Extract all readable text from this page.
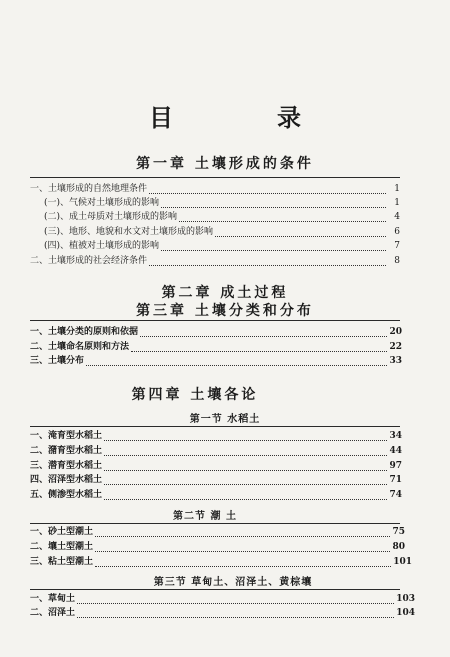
目　录
第一章 土壤形成的条件
一、土壤形成的自然地理条件	1
(一)、气候对土壤形成的影响	1
(二)、成土母质对土壤形成的影响	4
(三)、地形、地貌和水文对土壤形成的影响	6
(四)、植被对土壤形成的影响	7
二、土壤形成的社会经济条件	8
第二章 成土过程
第三章 土壤分类和分布
一、土壤分类的原则和依据	20
二、土壤命名原则和方法	22
三、土壤分布	33
第四章 土壤各论
第一节 水稻土
一、淹育型水稻土	34
二、潴育型水稻土	44
三、潜育型水稻土	97
四、沼泽型水稻土	71
五、侧渗型水稻土	74
第二节 潮 土
一、砂土型潮土	75
二、壤土型潮土	80
三、粘土型潮土	101
第三节 草甸土、沼泽土、黄棕壤
一、草甸土	103
二、沼泽土	104
